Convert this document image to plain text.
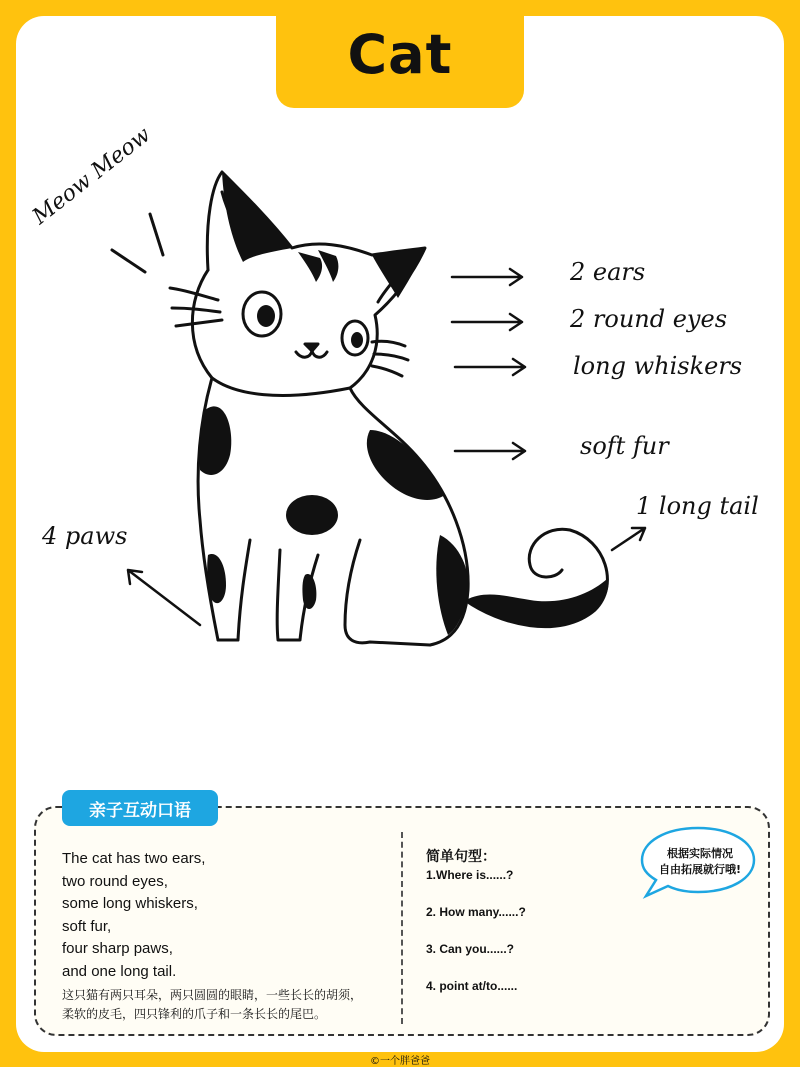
Cat
Meow Meow
2 ears
2 round eyes
long whiskers
soft fur
1 long tail
4 paws
亲子互动口语
The cat has two ears,
two round eyes,
some long whiskers,
soft fur,
four sharp paws,
and one long tail.
这只猫有两只耳朵，两只圆圆的眼睛，一些长长的胡须，
柔软的皮毛，四只锋利的爪子和一条长长的尾巴。
简单句型：
1.Where is......?
2. How many......?
3. Can you......?
4. point at/to......
根据实际情况
自由拓展就行哦!
©一个胖爸爸
